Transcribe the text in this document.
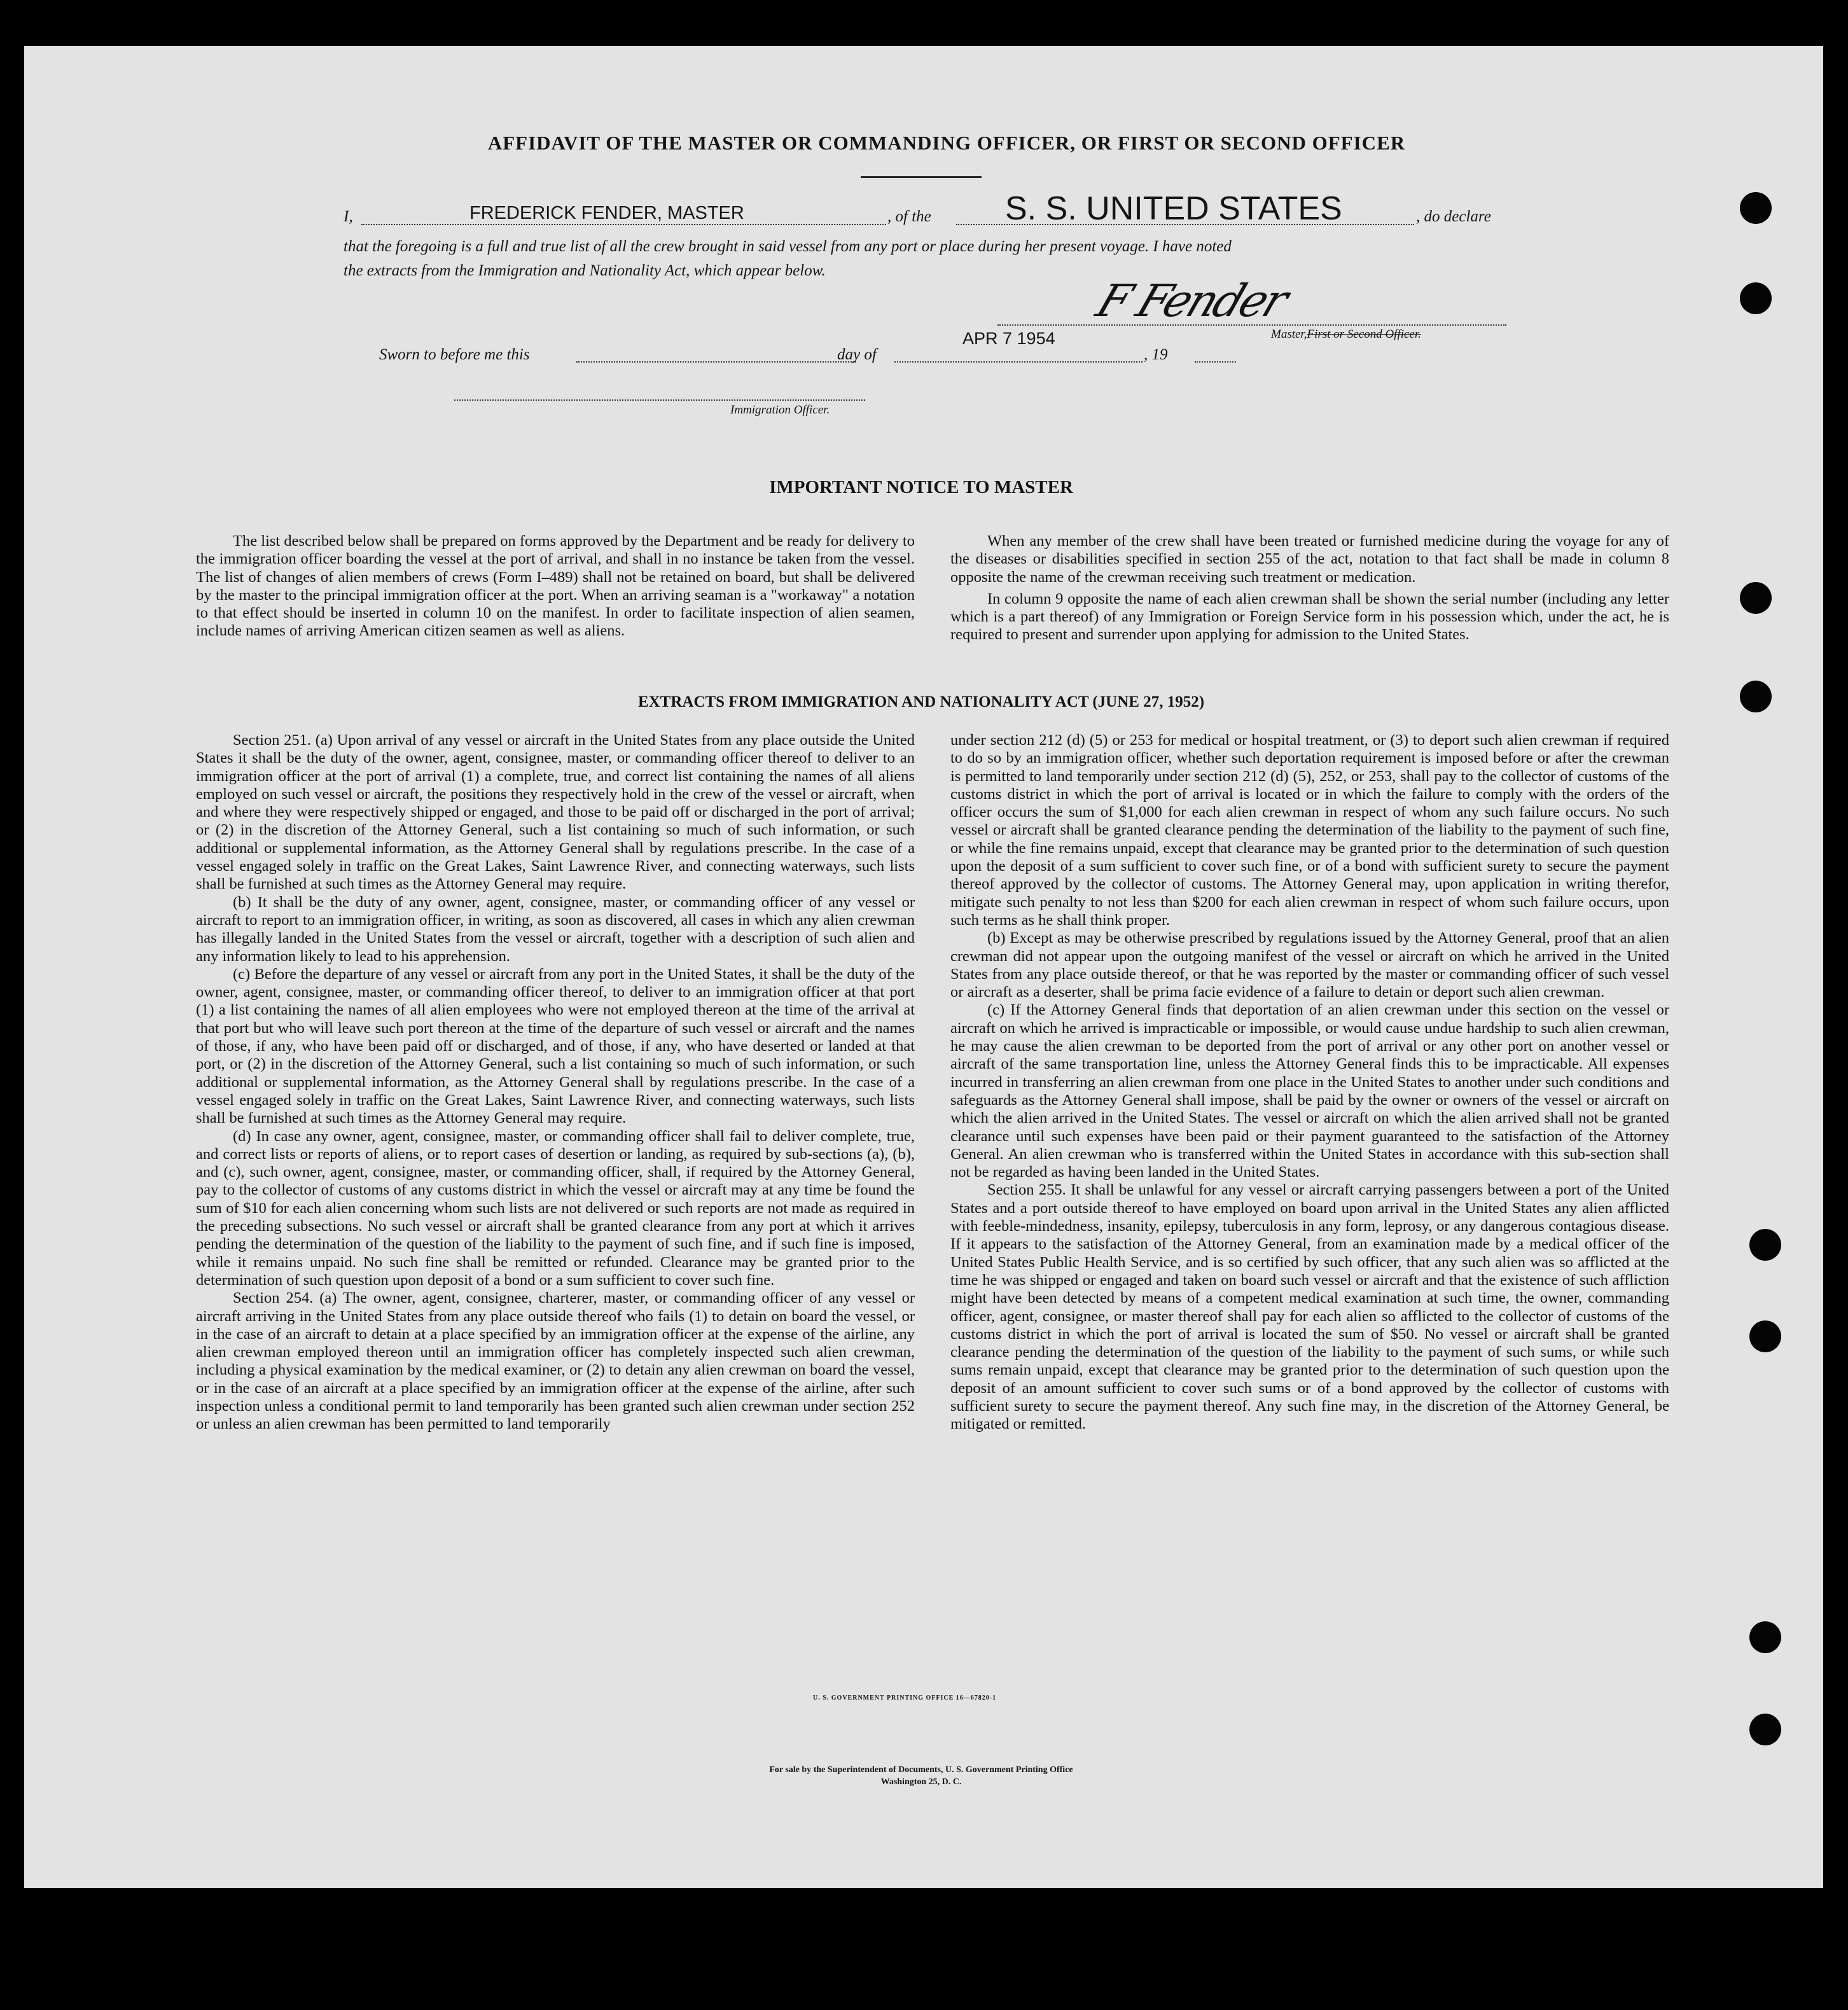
AFFIDAVIT OF THE MASTER OR COMMANDING OFFICER, OR FIRST OR SECOND OFFICER
I,	FREDERICK FENDER, MASTER	, of the S. S. UNITED STATES	, do declare
that the foregoing is a full and true list of all the crew brought in said vessel from any port or place during her present voyage. I have noted
the extracts from the Immigration and Nationality Act, which appear below.
F Fender
Master,First or Second Officer.
Sworn to before me this	day of
APR 7 1954
, 19
Immigration Officer.
IMPORTANT NOTICE TO MASTER

The list described below shall be prepared on forms approved by the Department and be ready for delivery to the immigration officer boarding the vessel at the port of arrival, and shall in no instance be taken from the vessel. The list of changes of alien members of crews (Form I–489) shall not be retained on board, but shall be delivered by the master to the principal immigration officer at the port. When an arriving seaman is a "workaway" a notation to that effect should be inserted in column 10 on the manifest. In order to facilitate inspection of alien seamen, include names of arriving American citizen seamen as well as aliens.

When any member of the crew shall have been treated or furnished medicine during the voyage for any of the diseases or disabilities specified in section 255 of the act, notation to that fact shall be made in column 8 opposite the name of the crewman receiving such treatment or medication.

In column 9 opposite the name of each alien crewman shall be shown the serial number (including any letter which is a part thereof) of any Immigration or Foreign Service form in his possession which, under the act, he is required to present and surrender upon applying for admission to the United States.

EXTRACTS FROM IMMIGRATION AND NATIONALITY ACT (JUNE 27, 1952)

Section 251. (a) Upon arrival of any vessel or aircraft in the United States from any place outside the United States it shall be the duty of the owner, agent, consignee, master, or commanding officer thereof to deliver to an immigration officer at the port of arrival (1) a complete, true, and correct list containing the names of all aliens employed on such vessel or aircraft, the positions they respectively hold in the crew of the vessel or aircraft, when and where they were respectively shipped or engaged, and those to be paid off or discharged in the port of arrival; or (2) in the discretion of the Attorney General, such a list containing so much of such information, or such additional or supplemental information, as the Attorney General shall by regulations prescribe. In the case of a vessel engaged solely in traffic on the Great Lakes, Saint Lawrence River, and connecting waterways, such lists shall be furnished at such times as the Attorney General may require.

(b) It shall be the duty of any owner, agent, consignee, master, or commanding officer of any vessel or aircraft to report to an immigration officer, in writing, as soon as discovered, all cases in which any alien crewman has illegally landed in the United States from the vessel or aircraft, together with a description of such alien and any information likely to lead to his apprehension.

(c) Before the departure of any vessel or aircraft from any port in the United States, it shall be the duty of the owner, agent, consignee, master, or commanding officer thereof, to deliver to an immigration officer at that port (1) a list containing the names of all alien employees who were not employed thereon at the time of the arrival at that port but who will leave such port thereon at the time of the departure of such vessel or aircraft and the names of those, if any, who have been paid off or discharged, and of those, if any, who have deserted or landed at that port, or (2) in the discretion of the Attorney General, such a list containing so much of such information, or such additional or supplemental information, as the Attorney General shall by regulations prescribe. In the case of a vessel engaged solely in traffic on the Great Lakes, Saint Lawrence River, and connecting waterways, such lists shall be furnished at such times as the Attorney General may require.

(d) In case any owner, agent, consignee, master, or commanding officer shall fail to deliver complete, true, and correct lists or reports of aliens, or to report cases of desertion or landing, as required by sub-sections (a), (b), and (c), such owner, agent, consignee, master, or commanding officer, shall, if required by the Attorney General, pay to the collector of customs of any customs district in which the vessel or aircraft may at any time be found the sum of $10 for each alien concerning whom such lists are not delivered or such reports are not made as required in the preceding subsections. No such vessel or aircraft shall be granted clearance from any port at which it arrives pending the determination of the question of the liability to the payment of such fine, and if such fine is imposed, while it remains unpaid. No such fine shall be remitted or refunded. Clearance may be granted prior to the determination of such question upon deposit of a bond or a sum sufficient to cover such fine.

Section 254. (a) The owner, agent, consignee, charterer, master, or commanding officer of any vessel or aircraft arriving in the United States from any place outside thereof who fails (1) to detain on board the vessel, or in the case of an aircraft to detain at a place specified by an immigration officer at the expense of the airline, any alien crewman employed thereon until an immigration officer has completely inspected such alien crewman, including a physical examination by the medical examiner, or (2) to detain any alien crewman on board the vessel, or in the case of an aircraft at a place specified by an immigration officer at the expense of the airline, after such inspection unless a conditional permit to land temporarily has been granted such alien crewman under section 252 or unless an alien crewman has been permitted to land temporarily

under section 212 (d) (5) or 253 for medical or hospital treatment, or (3) to deport such alien crewman if required to do so by an immigration officer, whether such deportation requirement is imposed before or after the crewman is permitted to land temporarily under section 212 (d) (5), 252, or 253, shall pay to the collector of customs of the customs district in which the port of arrival is located or in which the failure to comply with the orders of the officer occurs the sum of $1,000 for each alien crewman in respect of whom any such failure occurs. No such vessel or aircraft shall be granted clearance pending the determination of the liability to the payment of such fine, or while the fine remains unpaid, except that clearance may be granted prior to the determination of such question upon the deposit of a sum sufficient to cover such fine, or of a bond with sufficient surety to secure the payment thereof approved by the collector of customs. The Attorney General may, upon application in writing therefor, mitigate such penalty to not less than $200 for each alien crewman in respect of whom such failure occurs, upon such terms as he shall think proper.

(b) Except as may be otherwise prescribed by regulations issued by the Attorney General, proof that an alien crewman did not appear upon the outgoing manifest of the vessel or aircraft on which he arrived in the United States from any place outside thereof, or that he was reported by the master or commanding officer of such vessel or aircraft as a deserter, shall be prima facie evidence of a failure to detain or deport such alien crewman.

(c) If the Attorney General finds that deportation of an alien crewman under this section on the vessel or aircraft on which he arrived is impracticable or impossible, or would cause undue hardship to such alien crewman, he may cause the alien crewman to be deported from the port of arrival or any other port on another vessel or aircraft of the same transportation line, unless the Attorney General finds this to be impracticable. All expenses incurred in transferring an alien crewman from one place in the United States to another under such conditions and safeguards as the Attorney General shall impose, shall be paid by the owner or owners of the vessel or aircraft on which the alien arrived in the United States. The vessel or aircraft on which the alien arrived shall not be granted clearance until such expenses have been paid or their payment guaranteed to the satisfaction of the Attorney General. An alien crewman who is transferred within the United States in accordance with this sub-section shall not be regarded as having been landed in the United States.

Section 255. It shall be unlawful for any vessel or aircraft carrying passengers between a port of the United States and a port outside thereof to have employed on board upon arrival in the United States any alien afflicted with feeble-mindedness, insanity, epilepsy, tuberculosis in any form, leprosy, or any dangerous contagious disease. If it appears to the satisfaction of the Attorney General, from an examination made by a medical officer of the United States Public Health Service, and is so certified by such officer, that any such alien was so afflicted at the time he was shipped or engaged and taken on board such vessel or aircraft and that the existence of such affliction might have been detected by means of a competent medical examination at such time, the owner, commanding officer, agent, consignee, or master thereof shall pay for each alien so afflicted to the collector of customs of the customs district in which the port of arrival is located the sum of $50. No vessel or aircraft shall be granted clearance pending the determination of the question of the liability to the payment of such sums, or while such sums remain unpaid, except that clearance may be granted prior to the determination of such question upon the deposit of an amount sufficient to cover such sums or of a bond approved by the collector of customs with sufficient surety to secure the payment thereof. Any such fine may, in the discretion of the Attorney General, be mitigated or remitted.

U. S. GOVERNMENT PRINTING OFFICE 16—67820-1
For sale by the Superintendent of Documents, U. S. Government Printing Office
Washington 25, D. C.
